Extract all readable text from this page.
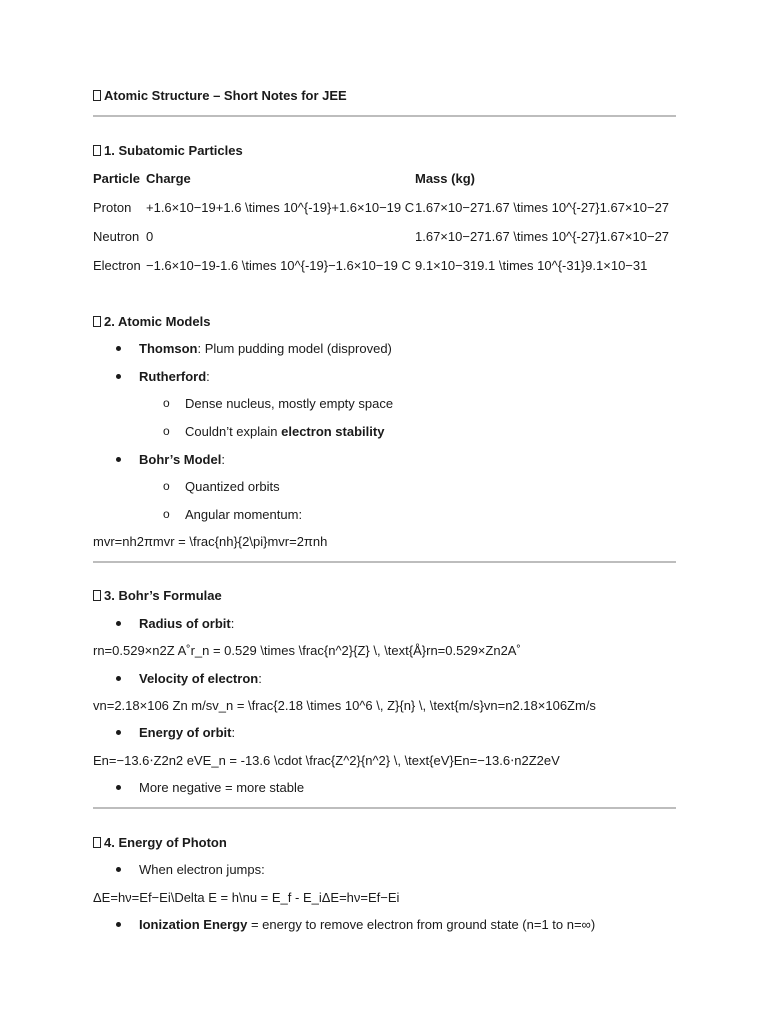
Atomic Structure – Short Notes for JEE
1. Subatomic Particles
Particle Charge	Mass (kg)
Proton +1.6×10−19+1.6 \times 10^{-19}+1.6×10−19 C 1.67×10−271.67 \times 10^{-27}1.67×10−27
Neutron 0	1.67×10−271.67 \times 10^{-27}1.67×10−27
Electron −1.6×10−19-1.6 \times 10^{-19}−1.6×10−19 C 9.1×10−319.1 \times 10^{-31}9.1×10−31
2. Atomic Models
Thomson: Plum pudding model (disproved)
Rutherford:
o Dense nucleus, mostly empty space
o Couldn’t explain electron stability
Bohr’s Model:
o Quantized orbits
o Angular momentum:
mvr=nh2πmvr = \frac{nh}{2\pi}mvr=2πnh
3. Bohr’s Formulae
Radius of orbit:
rn=0.529×n2Z A˚r_n = 0.529 \times \frac{n^2}{Z} \, \text{Å}rn​=0.529×Zn2​A˚
Velocity of electron:
vn=2.18×106 Zn m/sv_n = \frac{2.18 \times 10^6 \, Z}{n} \, \text{m/s}vn​=n2.18×106Z​m/s
Energy of orbit:
En=−13.6⋅Z2n2 eVE_n = -13.6 \cdot \frac{Z^2}{n^2} \, \text{eV}En​=−13.6⋅n2Z2​eV
More negative = more stable
4. Energy of Photon
When electron jumps:
ΔE=hν=Ef−Ei\Delta E = h\nu = E_f - E_iΔE=hν=Ef​−Ei​
Ionization Energy = energy to remove electron from ground state (n=1 to n=∞)
